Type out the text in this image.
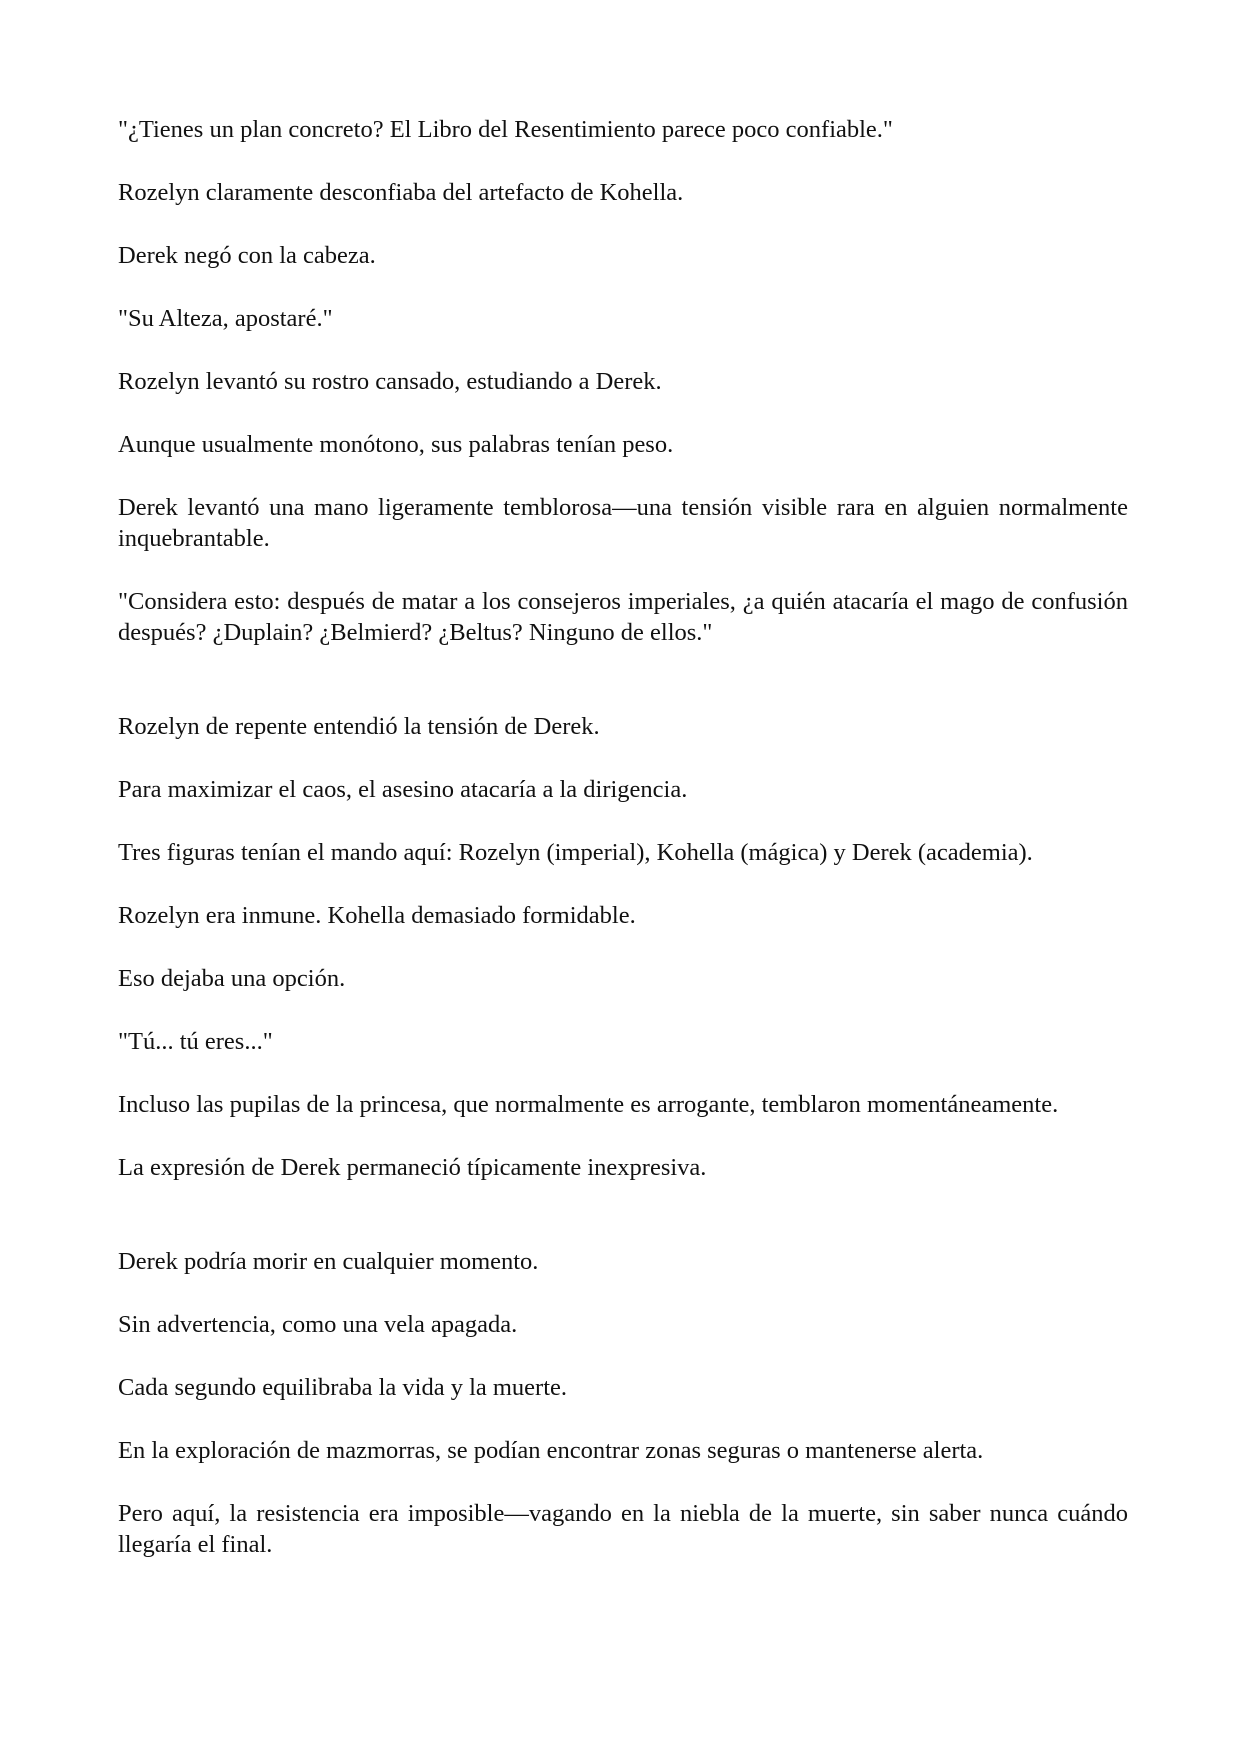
"¿Tienes un plan concreto? El Libro del Resentimiento parece poco confiable."

Rozelyn claramente desconfiaba del artefacto de Kohella.

Derek negó con la cabeza.

"Su Alteza, apostaré."

Rozelyn levantó su rostro cansado, estudiando a Derek.

Aunque usualmente monótono, sus palabras tenían peso.

Derek levantó una mano ligeramente temblorosa—una tensión visible rara en alguien normalmente inquebrantable.

"Considera esto: después de matar a los consejeros imperiales, ¿a quién atacaría el mago de confusión después? ¿Duplain? ¿Belmierd? ¿Beltus? Ninguno de ellos."

Rozelyn de repente entendió la tensión de Derek.

Para maximizar el caos, el asesino atacaría a la dirigencia.

Tres figuras tenían el mando aquí: Rozelyn (imperial), Kohella (mágica) y Derek (academia).

Rozelyn era inmune. Kohella demasiado formidable.

Eso dejaba una opción.

"Tú... tú eres..."

Incluso las pupilas de la princesa, que normalmente es arrogante, temblaron momentáneamente.

La expresión de Derek permaneció típicamente inexpresiva.

Derek podría morir en cualquier momento.

Sin advertencia, como una vela apagada.

Cada segundo equilibraba la vida y la muerte.

En la exploración de mazmorras, se podían encontrar zonas seguras o mantenerse alerta.

Pero aquí, la resistencia era imposible—vagando en la niebla de la muerte, sin saber nunca cuándo llegaría el final.
